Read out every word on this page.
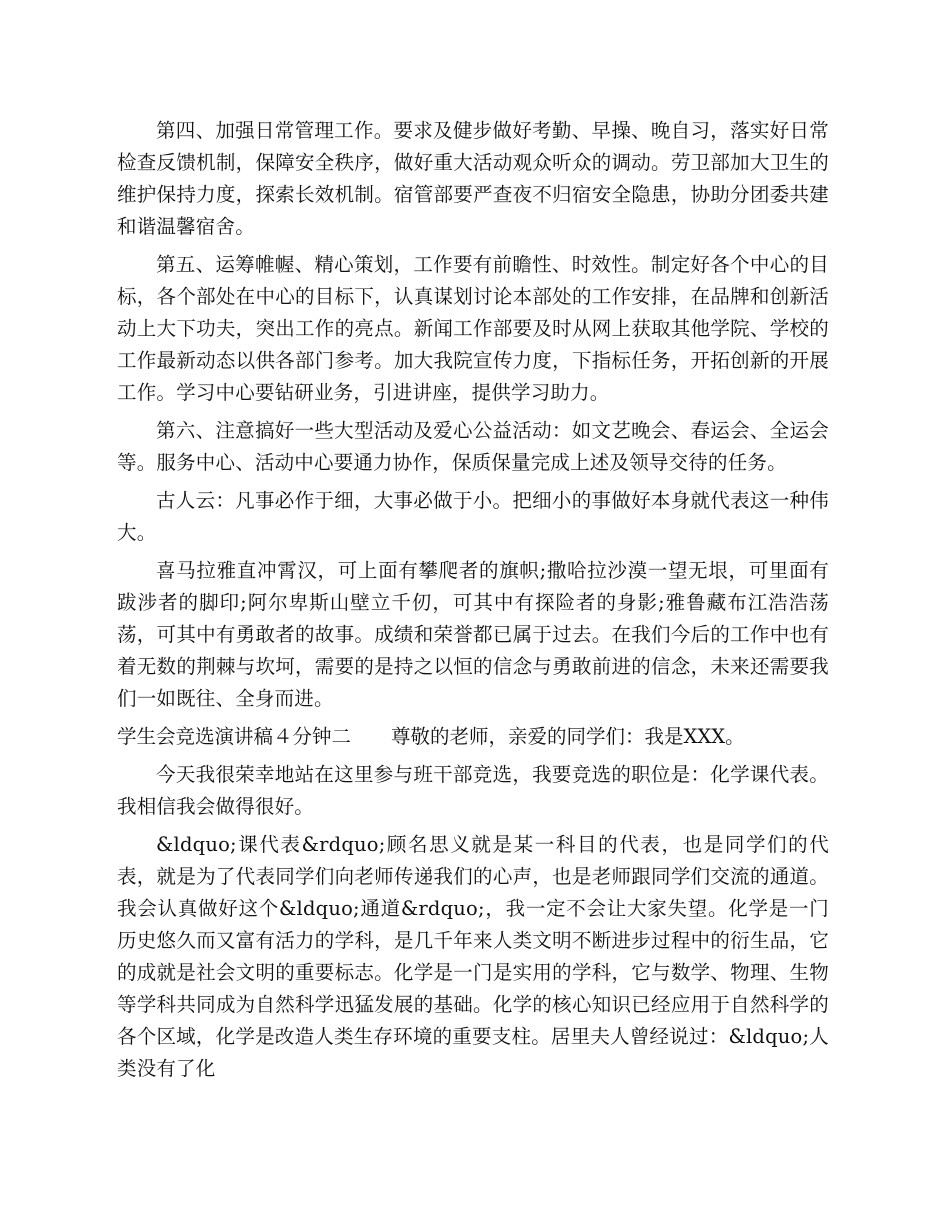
第四、加强日常管理工作。要求及健步做好考勤、早操、晚自习，落实好日常检查反馈机制，保障安全秩序，做好重大活动观众听众的调动。劳卫部加大卫生的维护保持力度，探索长效机制。宿管部要严查夜不归宿安全隐患，协助分团委共建和谐温馨宿舍。

第五、运筹帷幄、精心策划，工作要有前瞻性、时效性。制定好各个中心的目标，各个部处在中心的目标下，认真谋划讨论本部处的工作安排，在品牌和创新活动上大下功夫，突出工作的亮点。新闻工作部要及时从网上获取其他学院、学校的工作最新动态以供各部门参考。加大我院宣传力度，下指标任务，开拓创新的开展工作。学习中心要钻研业务，引进讲座，提供学习助力。

第六、注意搞好一些大型活动及爱心公益活动：如文艺晚会、春运会、全运会等。服务中心、活动中心要通力协作，保质保量完成上述及领导交待的任务。

古人云：凡事必作于细，大事必做于小。把细小的事做好本身就代表这一种伟大。

喜马拉雅直冲霄汉，可上面有攀爬者的旗帜;撒哈拉沙漠一望无垠，可里面有跋涉者的脚印;阿尔卑斯山壁立千仞，可其中有探险者的身影;雅鲁藏布江浩浩荡荡，可其中有勇敢者的故事。成绩和荣誉都已属于过去。在我们今后的工作中也有着无数的荆棘与坎坷，需要的是持之以恒的信念与勇敢前进的信念，未来还需要我们一如既往、全身而进。

学生会竞选演讲稿４分钟二 尊敬的老师，亲爱的同学们：我是XXX。

今天我很荣幸地站在这里参与班干部竞选，我要竞选的职位是：化学课代表。我相信我会做得很好。

&ldquo;课代表&rdquo;顾名思义就是某一科目的代表，也是同学们的代表，就是为了代表同学们向老师传递我们的心声，也是老师跟同学们交流的通道。我会认真做好这个&ldquo;通道&rdquo;，我一定不会让大家失望。化学是一门历史悠久而又富有活力的学科，是几千年来人类文明不断进步过程中的衍生品，它的成就是社会文明的重要标志。化学是一门是实用的学科，它与数学、物理、生物等学科共同成为自然科学迅猛发展的基础。化学的核心知识已经应用于自然科学的各个区域，化学是改造人类生存环境的重要支柱。居里夫人曾经说过：&ldquo;人类没有了化
